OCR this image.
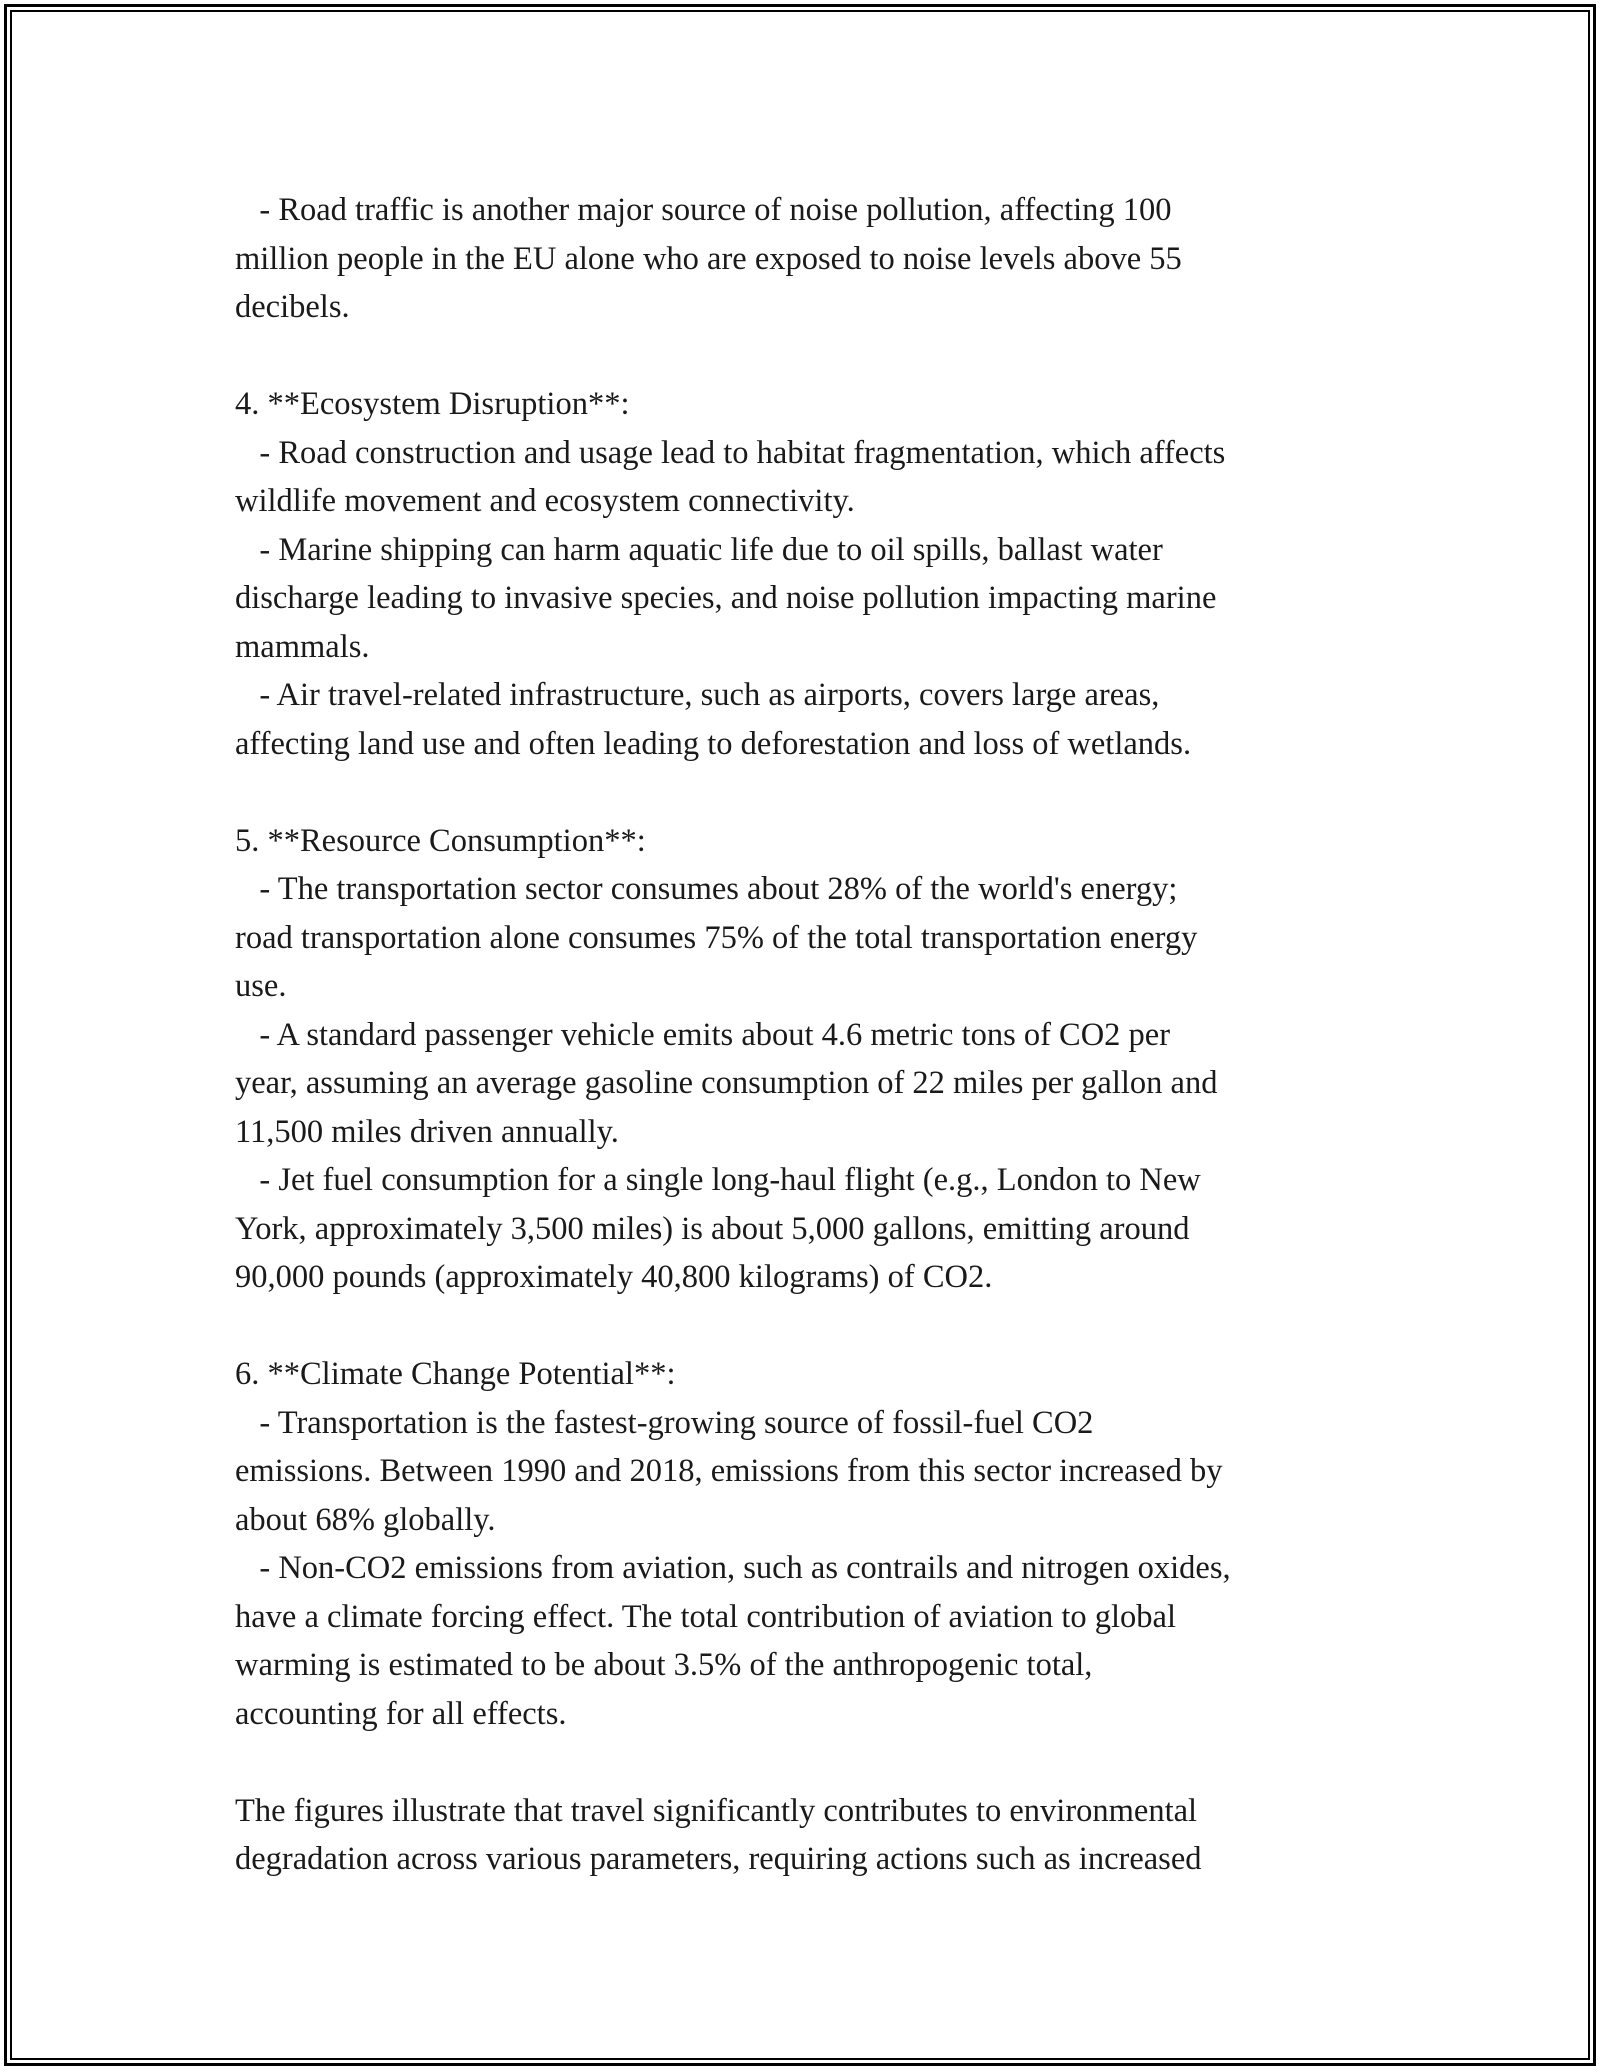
- Road traffic is another major source of noise pollution, affecting 100

million people in the EU alone who are exposed to noise levels above 55

decibels.

4. **Ecosystem Disruption**:

- Road construction and usage lead to habitat fragmentation, which affects

wildlife movement and ecosystem connectivity.

- Marine shipping can harm aquatic life due to oil spills, ballast water

discharge leading to invasive species, and noise pollution impacting marine

mammals.

- Air travel-related infrastructure, such as airports, covers large areas,

affecting land use and often leading to deforestation and loss of wetlands.

5. **Resource Consumption**:

- The transportation sector consumes about 28% of the world's energy;

road transportation alone consumes 75% of the total transportation energy

use.

- A standard passenger vehicle emits about 4.6 metric tons of CO2 per

year, assuming an average gasoline consumption of 22 miles per gallon and

11,500 miles driven annually.

- Jet fuel consumption for a single long-haul flight (e.g., London to New

York, approximately 3,500 miles) is about 5,000 gallons, emitting around

90,000 pounds (approximately 40,800 kilograms) of CO2.

6. **Climate Change Potential**:

- Transportation is the fastest-growing source of fossil-fuel CO2

emissions. Between 1990 and 2018, emissions from this sector increased by

about 68% globally.

- Non-CO2 emissions from aviation, such as contrails and nitrogen oxides,

have a climate forcing effect. The total contribution of aviation to global

warming is estimated to be about 3.5% of the anthropogenic total,

accounting for all effects.

The figures illustrate that travel significantly contributes to environmental

degradation across various parameters, requiring actions such as increased
